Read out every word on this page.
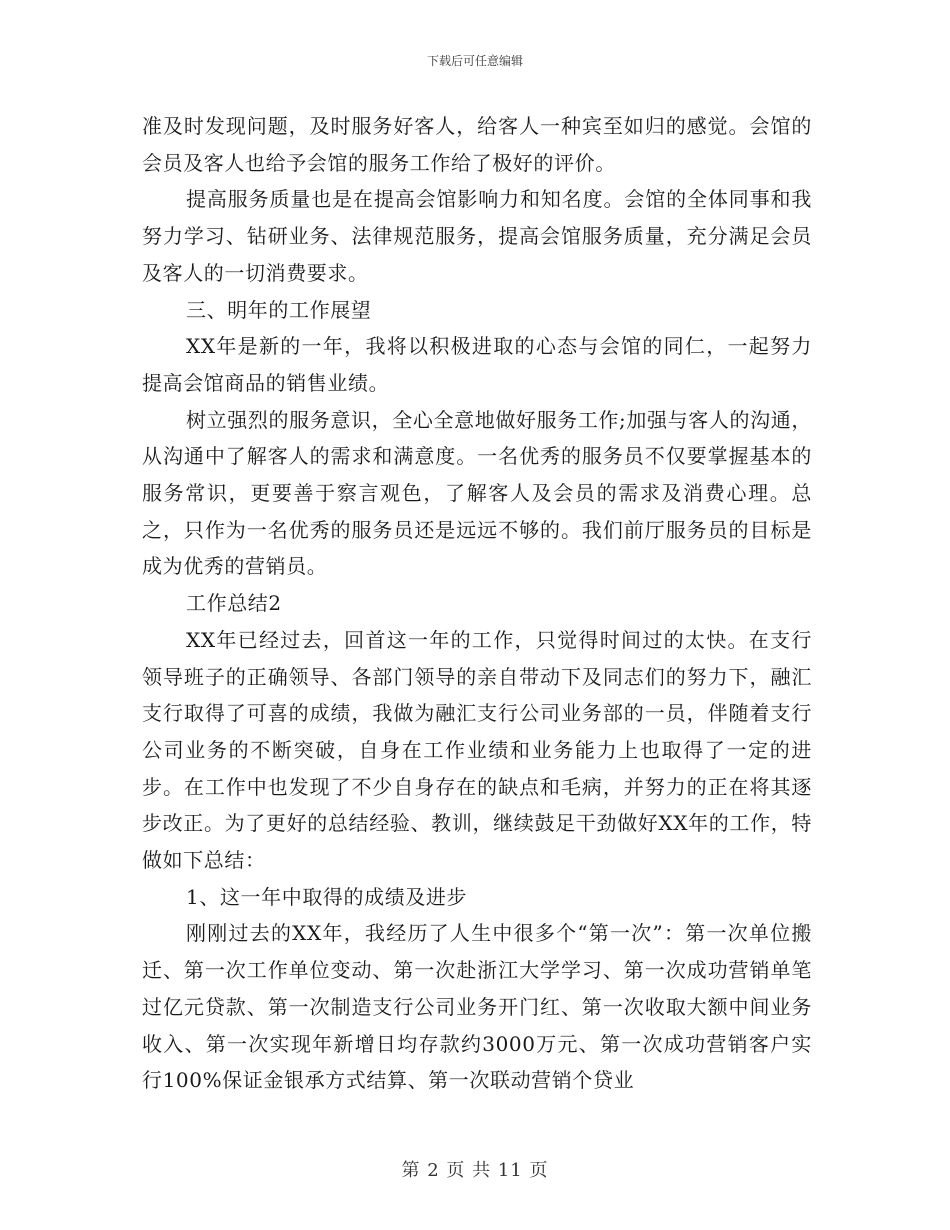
下载后可任意编辑

准及时发现问题，及时服务好客人，给客人一种宾至如归的感觉。会馆的会员及客人也给予会馆的服务工作给了极好的评价。

提高服务质量也是在提高会馆影响力和知名度。会馆的全体同事和我努力学习、钻研业务、法律规范服务，提高会馆服务质量，充分满足会员及客人的一切消费要求。

三、明年的工作展望

XX年是新的一年，我将以积极进取的心态与会馆的同仁，一起努力提高会馆商品的销售业绩。

树立强烈的服务意识，全心全意地做好服务工作;加强与客人的沟通，从沟通中了解客人的需求和满意度。一名优秀的服务员不仅要掌握基本的服务常识，更要善于察言观色，了解客人及会员的需求及消费心理。总之，只作为一名优秀的服务员还是远远不够的。我们前厅服务员的目标是成为优秀的营销员。

工作总结2

XX年已经过去，回首这一年的工作，只觉得时间过的太快。在支行领导班子的正确领导、各部门领导的亲自带动下及同志们的努力下，融汇支行取得了可喜的成绩，我做为融汇支行公司业务部的一员，伴随着支行公司业务的不断突破，自身在工作业绩和业务能力上也取得了一定的进步。在工作中也发现了不少自身存在的缺点和毛病，并努力的正在将其逐步改正。为了更好的总结经验、教训，继续鼓足干劲做好XX年的工作，特做如下总结：

1、这一年中取得的成绩及进步

刚刚过去的XX年，我经历了人生中很多个“第一次”：第一次单位搬迁、第一次工作单位变动、第一次赴浙江大学学习、第一次成功营销单笔过亿元贷款、第一次制造支行公司业务开门红、第一次收取大额中间业务收入、第一次实现年新增日均存款约3000万元、第一次成功营销客户实行100%保证金银承方式结算、第一次联动营销个贷业

第 2 页 共 11 页
